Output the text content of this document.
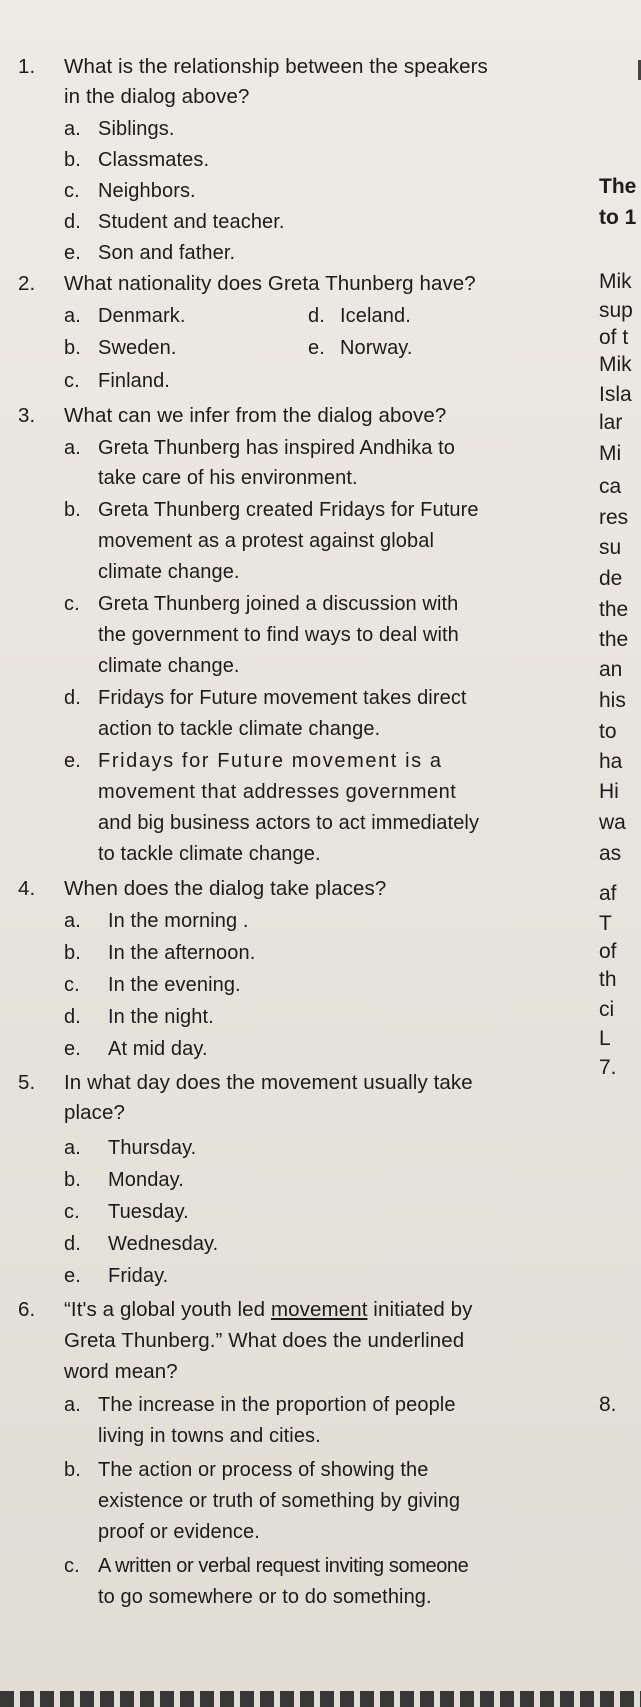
1. What is the relationship between the speakers
in the dialog above?
a. Siblings.
b. Classmates.
c. Neighbors.
d. Student and teacher.
e. Son and father.
2. What nationality does Greta Thunberg have?
a. Denmark.	d. Iceland.
b. Sweden.	e. Norway.
c. Finland.
3. What can we infer from the dialog above?
a. Greta Thunberg has inspired Andhika to
take care of his environment.
b. Greta Thunberg created Fridays for Future
movement as a protest against global
climate change.
c. Greta Thunberg joined a discussion with
the government to find ways to deal with
climate change.
d. Fridays for Future movement takes direct
action to tackle climate change.
e. Fridays for Future movement is a
movement that addresses government
and big business actors to act immediately
to tackle climate change.
4. When does the dialog take places?
a. In the morning .
b. In the afternoon.
c. In the evening.
d. In the night.
e. At mid day.
5. In what day does the movement usually take
place?
a. Thursday.
b. Monday.
c. Tuesday.
d. Wednesday.
e. Friday.
6. “It's a global youth led movement initiated by
Greta Thunberg.” What does the underlined
word mean?
a. The increase in the proportion of people
living in towns and cities.
b. The action or process of showing the
existence or truth of something by giving
proof or evidence.
c. A written or verbal request inviting someone
to go somewhere or to do something.
The
to 1
Mik
sup
of t
Mik
Isla
lar
Mi
ca
res
su
de
the
the
an
his
to
ha
Hi
wa
as
af
T
of
th
ci
L
7.
8.
